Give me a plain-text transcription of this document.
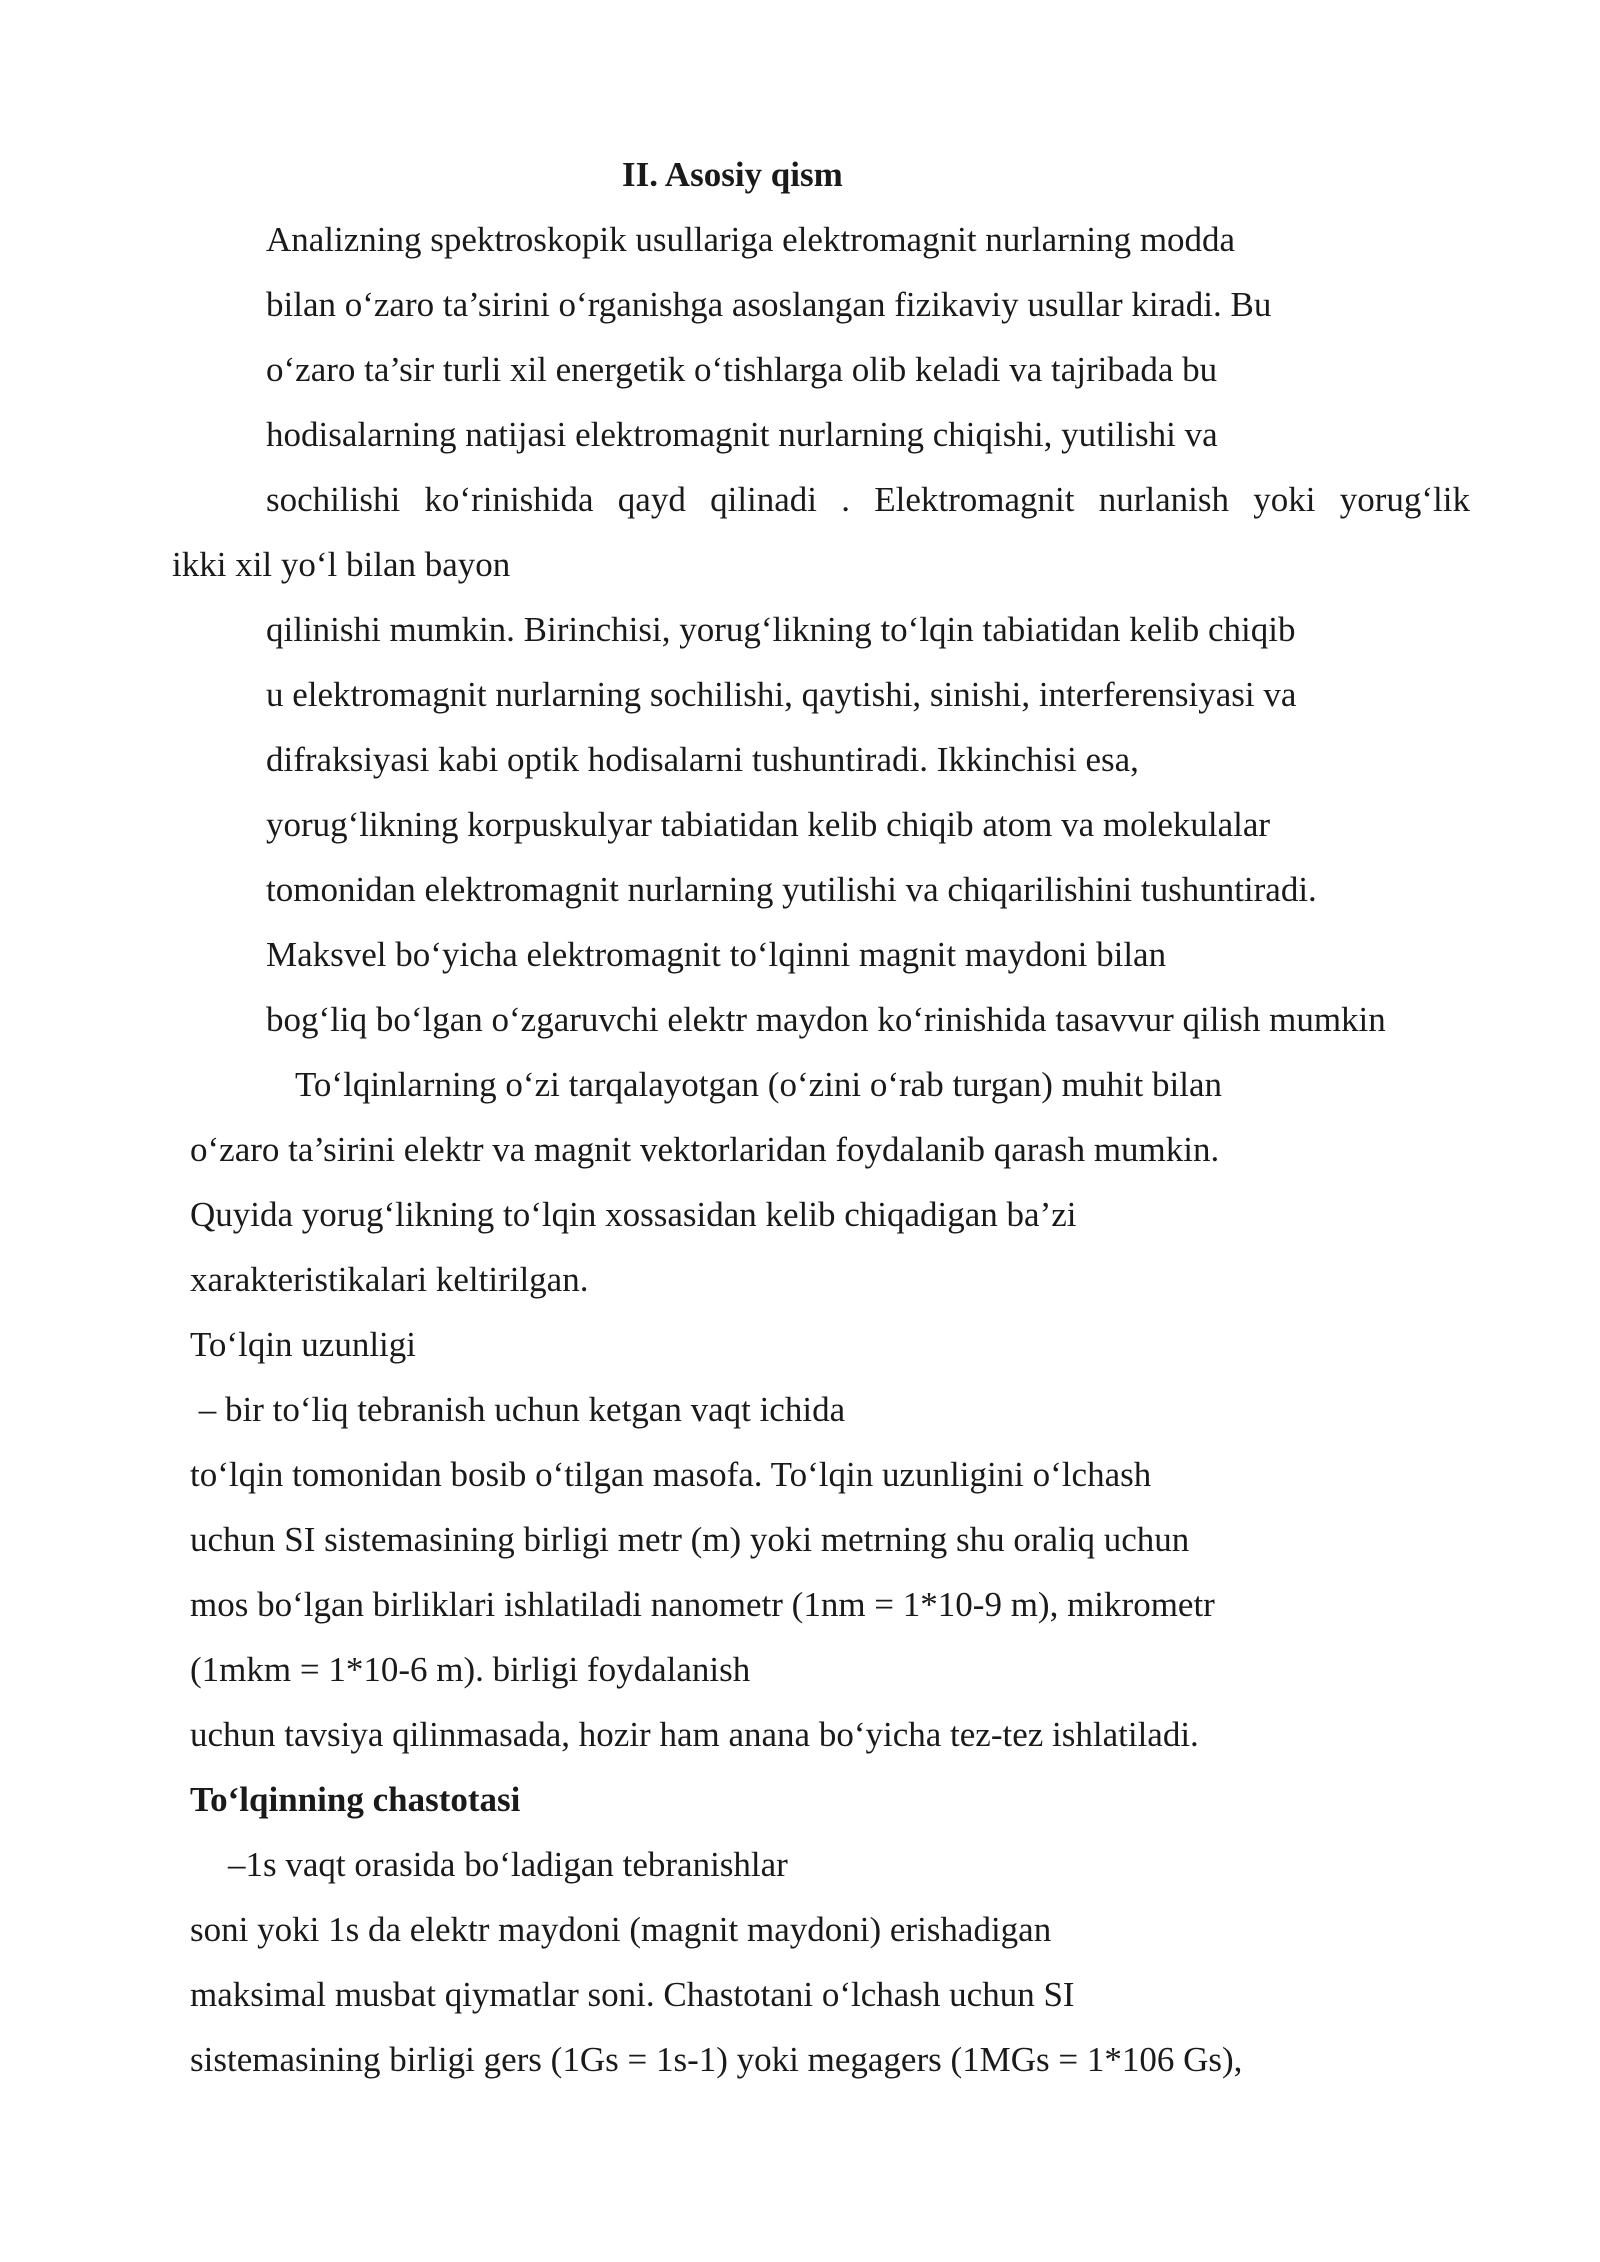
II. Asosiy qism

Analizning spektroskopik usullariga elektromagnit nurlarning modda

bilan o‘zaro ta’sirini o‘rganishga asoslangan fizikaviy usullar kiradi. Bu

o‘zaro ta’sir turli xil energetik o‘tishlarga olib keladi va tajribada bu

hodisalarning natijasi elektromagnit nurlarning chiqishi, yutilishi va

sochilishi ko‘rinishida qayd qilinadi . Elektromagnit nurlanish yoki yorug‘lik

ikki xil yo‘l bilan bayon

qilinishi mumkin. Birinchisi, yorug‘likning to‘lqin tabiatidan kelib chiqib

u elektromagnit nurlarning sochilishi, qaytishi, sinishi, interferensiyasi va

difraksiyasi kabi optik hodisalarni tushuntiradi. Ikkinchisi esa,

yorug‘likning korpuskulyar tabiatidan kelib chiqib atom va molekulalar

tomonidan elektromagnit nurlarning yutilishi va chiqarilishini tushuntiradi.

Maksvel bo‘yicha elektromagnit to‘lqinni magnit maydoni bilan

bog‘liq bo‘lgan o‘zgaruvchi elektr maydon ko‘rinishida tasavvur qilish mumkin

To‘lqinlarning o‘zi tarqalayotgan (o‘zini o‘rab turgan) muhit bilan

o‘zaro ta’sirini elektr va magnit vektorlaridan foydalanib qarash mumkin.

Quyida yorug‘likning to‘lqin xossasidan kelib chiqadigan ba’zi

xarakteristikalari keltirilgan.

To‘lqin uzunligi

– bir to‘liq tebranish uchun ketgan vaqt ichida

to‘lqin tomonidan bosib o‘tilgan masofa. To‘lqin uzunligini o‘lchash

uchun SI sistemasining birligi metr (m) yoki metrning shu oraliq uchun

mos bo‘lgan birliklari ishlatiladi nanometr (1nm = 1*10-9 m), mikrometr

(1mkm = 1*10-6 m). birligi foydalanish

uchun tavsiya qilinmasada, hozir ham anana bo‘yicha tez-tez ishlatiladi.

To‘lqinning chastotasi

–1s vaqt orasida bo‘ladigan tebranishlar

soni yoki 1s da elektr maydoni (magnit maydoni) erishadigan

maksimal musbat qiymatlar soni. Chastotani o‘lchash uchun SI

sistemasining birligi gers (1Gs = 1s-1) yoki megagers (1MGs = 1*106 Gs),
